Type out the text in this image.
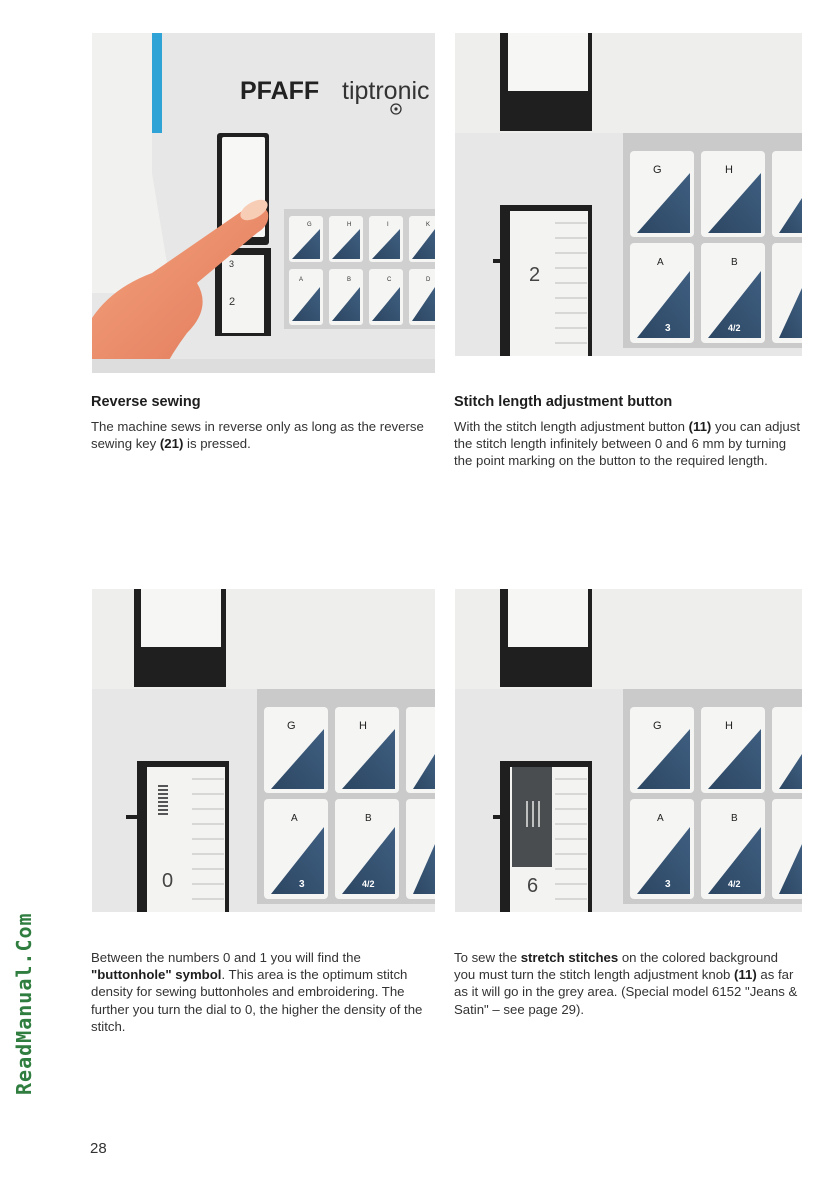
PFAFF tiptronic
3
2
G	H	I	K
A	B	C	D	2
G	H
A	B
3	4/2
0
G	H
A	B
3	4/2	6
G	H
A	B
3	4/2
Reverse sewing
The machine sews in reverse only as long as the reverse sewing key (21) is pressed.
Stitch length adjustment button
With the stitch length adjustment button (11) you can adjust the stitch length infinitely between 0 and 6 mm by turning the point marking on the button to the required length.
Between the numbers 0 and 1 you will find the "buttonhole" symbol. This area is the optimum stitch density for sewing buttonholes and embroidering. The further you turn the dial to 0, the higher the density of the stitch.
To sew the stretch stitches on the colored background you must turn the stitch length adjustment knob (11) as far as it will go in the grey area. (Special model 6152 "Jeans & Satin" – see page 29).
28
ReadManual.Com
